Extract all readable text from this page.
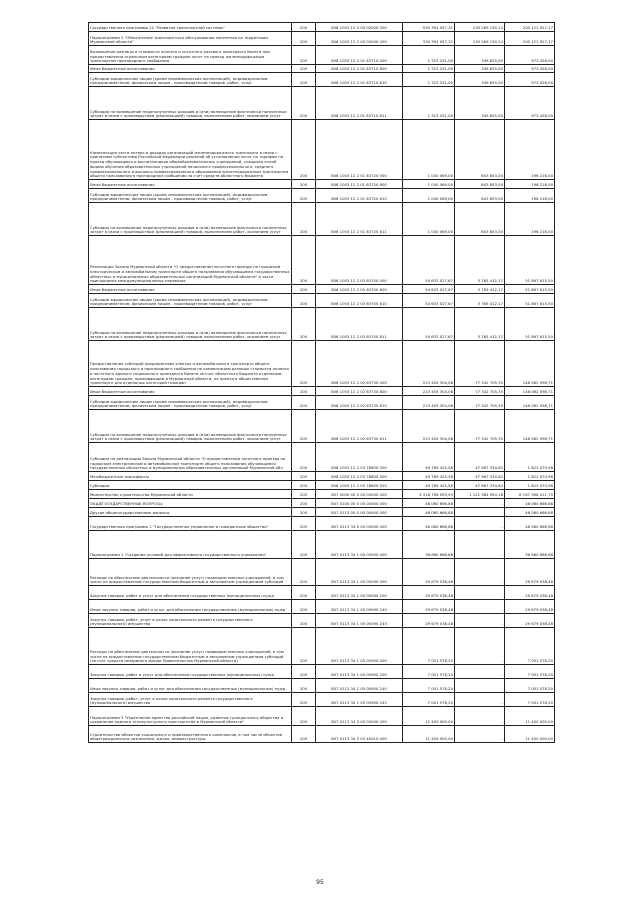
Государственная программа 12 "Развитие транспортной системы"	200	806 1003 12 0 00 00000 000	530 391 057,31	130 269 130,14	200 121 927,17
Подпрограмма 2 "Обеспечение транспортного обслуживания населения на территории Мурманской области"	200	806 1003 12 2 00 00000 000	330 391 057,31	130 269 130,14	200 121 927,17
Возмещение разницы в стоимости полного и льготного разового проездного билета при предоставлении отдельным категориям граждан льгот на проезд железнодорожным транспортом пригородного сообщения	200	806 1003 12 2 01 63710 000	1 323 251,00	349 825,00	973 426,00
Иные бюджетные ассигнования	200	806 1003 12 2 01 63710 800	1 323 251,00	349 825,00	973 426,00
Субсидии юридическим лицам (кроме некоммерческих организаций), индивидуальным предпринимателям, физическим лицам - производителям товаров, работ, услуг	200	806 1003 12 2 01 63710 810	1 323 251,00	349 825,00	973 426,00
Субсидия на возмещение недополученных доходов и (или) возмещение фактически понесенных затрат в связи с производством (реализацией) товаров, выполнением работ, оказанием услуг	200	806 1003 12 2 01 63710 811	1 323 251,00	349 825,00	973 426,00
Компенсация части потерь в доходах организаций железнодорожного транспорта в связи с принятием субъектами Российской Федерации решений об установлении льгот по тарифам на проезд обучающихся и воспитанников общеобразовательных учреждений, учащихся очной формы обучения образовательных учреждений начального профессионального, среднего профессионального и высшего профессионального образования железнодорожным транспортом общего пользования в пригородном сообщении за счет средств областного бюджета	200	806 1003 12 2 01 63720 000	1 040 069,00	843 853,00	196 216,00
Иные бюджетные ассигнования	200	806 1003 12 2 01 63720 800	1 040 069,00	843 853,00	196 216,00
Субсидии юридическим лицам (кроме некоммерческих организаций), индивидуальным предпринимателям, физическим лицам - производителям товаров, работ, услуг	200	806 1003 12 2 01 63720 810	1 040 069,00	843 853,00	196 216,00
Субсидия на возмещение недополученных доходов и (или) возмещение фактически понесенных затрат в связи с производством (реализацией) товаров, выполнением работ, оказанием услуг	200	806 1003 12 2 01 63720 811	1 040 069,00	843 853,00	196 216,00
Реализация Закона Мурманской области "О предоставлении льготного проезда на городском электрическом и автомобильном транспорте общего пользования обучающимся государственных областных и муниципальных образовательных организаций Мурманской области" в части пригородных междумуниципальных перевозок	200	806 1003 12 2 03 63700 000	54 633 027,67	3 765 412,17	51 867 615,50
Иные бюджетные ассигнования	200	806 1003 12 2 03 63700 800	54 633 027,67	3 765 412,17	51 867 615,50
Субсидии юридическим лицам (кроме некоммерческих организаций), индивидуальным предпринимателям, физическим лицам - производителям товаров, работ, услуг	200	806 1003 12 2 03 63700 810	54 633 027,67	3 765 412,17	51 867 615,50
Субсидия на возмещение недополученных доходов и (или) возмещение фактически понесенных затрат в связи с производством (реализацией) товаров, выполнением работ, оказанием услуг	200	806 1003 12 2 03 63700 811	54 633 027,67	3 765 412,17	51 867 615,50
Предоставление субсидий предприятиям электро и автомобильного транспорта общего пользования городского и пригородного сообщения на компенсацию разницы стоимости полного и льготного единого социального проездного билета за счет областного бюджета отдельным категориям граждан, проживающим в Мурманской области, на проезд в общественном транспорте для отдельных категорий граждан	200	806 1003 12 2 02 63730 000	223 405 304,06	77 342 705,35	146 062 598,71
Иные бюджетные ассигнования	200	806 1003 12 2 02 63730 800	223 405 304,06	77 342 705,35	146 062 598,71
Субсидии юридическим лицам (кроме некоммерческих организаций), индивидуальным предпринимателям, физическим лицам - производителям товаров, работ, услуг	200	806 1003 12 2 02 63730 810	223 405 304,06	77 342 705,35	146 062 598,71
Субсидия на возмещение недополученных доходов и (или) возмещение фактически понесенных затрат в связи с производством (реализацией) товаров, выполнением работ, оказанием услуг	200	806 1003 12 2 02 63730 811	223 405 304,06	77 342 705,35	146 062 598,71
Субсидия на реализацию Закона Мурманской области "О предоставлении льготного проезда на городском электрическом и автомобильном транспорте общего пользования обучающимся государственных областных и муниципальных образовательных организаций Мурманской обл	200	806 1003 12 2 03 76800 000	49 789 425,58	47 967 334,62	1 822 070,96
Межбюджетные трансферты	200	806 1003 12 2 03 76800 500	49 789 425,58	47 967 334,62	1 822 070,96
Субсидии	200	806 1003 12 2 03 76800 520	49 789 425,58	47 967 334,62	1 822 070,96
Министерство строительства Мурманской области	200	807 0000 00 0 00 00000 000	9 318 798 093,93	1 121 384 954,18	8 197 396 011,75
ОБЩЕГОСУДАРСТВЕННЫЕ ВОПРОСЫ	200	807 0100 00 0 00 00000 000	46 060 666,68	-	46 060 666,68
Другие общегосударственные вопросы	200	807 0113 00 0 00 00000 000	46 060 666,68	-	46 060 666,68
Государственная программа 1 "Государственное управление и гражданское общество"	200	807 0113 34 0 00 00000 000	46 060 666,68	-	46 060 666,68
Подпрограмма 1 "Создание условий для эффективного государственного управления"	200	807 0113 34 1 00 00000 000	36 660 666,68	-	36 660 666,68
Расходы на обеспечение деятельности (оказание услуг) подведомственных учреждений, в том числе на предоставление государственным бюджетным и автономным учреждениям субсидий	200	807 0113 34 1 05 00090 000	29 679 038,48	-	29 679 038,48
Закупка товаров, работ и услуг для обеспечения государственных (муниципальных) нужд	200	807 0113 34 1 05 00090 200	29 679 038,48	-	29 679 038,48
Иные закупки товаров, работ и услуг для обеспечения государственных (муниципальных) нужд	200	807 0113 34 1 05 00090 240	29 679 038,48	-	29 679 038,48
Закупка товаров, работ, услуг в целях капитального ремонта государственного (муниципального) имущества	200	807 0113 34 1 05 00090 243	29 679 038,48	-	29 679 038,48
Расходы на обеспечение деятельности (оказание услуг) подведомственных учреждений, в том числе на предоставление государственным бюджетным и автономным учреждениям субсидий (за счет средств резервного фонда Правительства Мурманской области)	200	807 0113 34 1 05 00950 000	7 001 578,20	-	7 001 578,20
Закупка товаров, работ и услуг для обеспечения государственных (муниципальных) нужд	200	807 0113 34 1 05 00950 200	7 001 578,20	-	7 001 578,20
Иные закупки товаров, работ и услуг для обеспечения государственных (муниципальных) нужд	200	807 0113 34 1 05 00950 240	7 001 578,20	-	7 001 578,20
Закупка товаров, работ, услуг в целях капитального ремонта государственного (муниципального) имущества	200	807 0113 34 1 05 00950 243	7 001 578,20	-	7 001 578,20
Подпрограмма 3 "Укрепление единства российской нации, развитие гражданского общества и сохранение единого этнокультурного пространства в Мурманской области"	200	807 0113 34 3 00 00000 000	11 400 000,00	-	11 400 000,00
Строительство объектов социального и производственного комплексов, в том числе объектов общегражданского назначения, жилья, инфраструктуры	200	807 0113 34 3 03 40010 000	11 400 000,00	-	11 400 000,00
95
